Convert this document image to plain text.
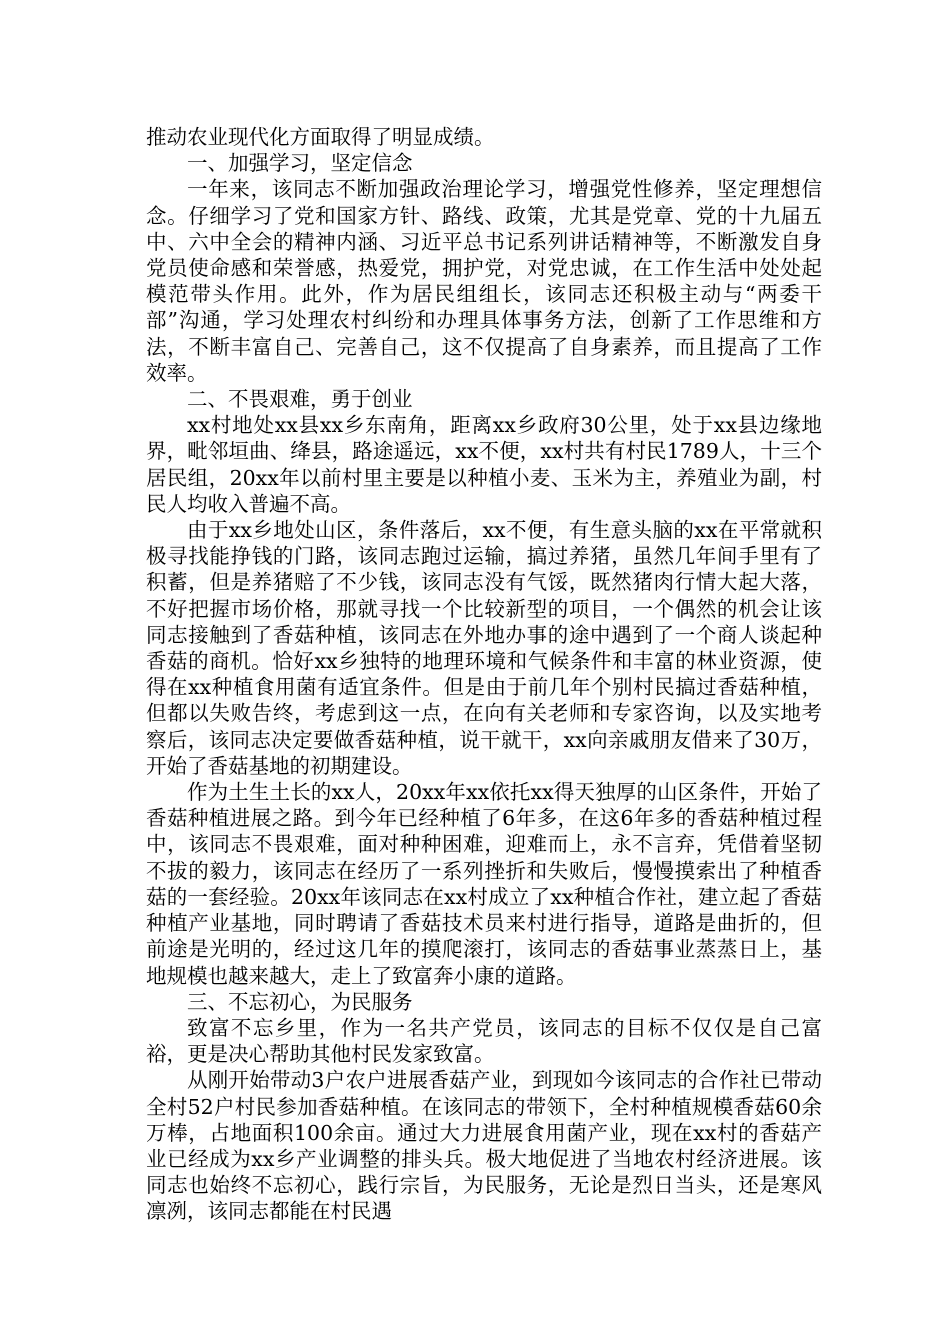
推动农业现代化方面取得了明显成绩。

一、加强学习，坚定信念

一年来，该同志不断加强政治理论学习，增强党性修养，坚定理想信念。仔细学习了党和国家方针、路线、政策，尤其是党章、党的十九届五中、六中全会的精神内涵、习近平总书记系列讲话精神等，不断激发自身党员使命感和荣誉感，热爱党，拥护党，对党忠诚，在工作生活中处处起模范带头作用。此外，作为居民组组长，该同志还积极主动与“两委干部”沟通，学习处理农村纠纷和办理具体事务方法，创新了工作思维和方法，不断丰富自己、完善自己，这不仅提高了自身素养，而且提高了工作效率。

二、不畏艰难，勇于创业

xx村地处xx县xx乡东南角，距离xx乡政府30公里，处于xx县边缘地界，毗邻垣曲、绛县，路途遥远，xx不便，xx村共有村民1789人，十三个居民组，20xx年以前村里主要是以种植小麦、玉米为主，养殖业为副，村民人均收入普遍不高。

由于xx乡地处山区，条件落后，xx不便，有生意头脑的xx在平常就积极寻找能挣钱的门路，该同志跑过运输，搞过养猪，虽然几年间手里有了积蓄，但是养猪赔了不少钱，该同志没有气馁，既然猪肉行情大起大落，不好把握市场价格，那就寻找一个比较新型的项目，一个偶然的机会让该同志接触到了香菇种植，该同志在外地办事的途中遇到了一个商人谈起种香菇的商机。恰好xx乡独特的地理环境和气候条件和丰富的林业资源，使得在xx种植食用菌有适宜条件。但是由于前几年个别村民搞过香菇种植，但都以失败告终，考虑到这一点，在向有关老师和专家咨询，以及实地考察后，该同志决定要做香菇种植，说干就干，xx向亲戚朋友借来了30万，开始了香菇基地的初期建设。

作为土生土长的xx人，20xx年xx依托xx得天独厚的山区条件，开始了香菇种植进展之路。到今年已经种植了6年多，在这6年多的香菇种植过程中，该同志不畏艰难，面对种种困难，迎难而上，永不言弃，凭借着坚韧不拔的毅力，该同志在经历了一系列挫折和失败后，慢慢摸索出了种植香菇的一套经验。20xx年该同志在xx村成立了xx种植合作社，建立起了香菇种植产业基地，同时聘请了香菇技术员来村进行指导，道路是曲折的，但前途是光明的，经过这几年的摸爬滚打，该同志的香菇事业蒸蒸日上，基地规模也越来越大，走上了致富奔小康的道路。

三、不忘初心，为民服务

致富不忘乡里，作为一名共产党员，该同志的目标不仅仅是自己富裕，更是决心帮助其他村民发家致富。

从刚开始带动3户农户进展香菇产业，到现如今该同志的合作社已带动全村52户村民参加香菇种植。在该同志的带领下，全村种植规模香菇60余万棒，占地面积100余亩。通过大力进展食用菌产业，现在xx村的香菇产业已经成为xx乡产业调整的排头兵。极大地促进了当地农村经济进展。该同志也始终不忘初心，践行宗旨，为民服务，无论是烈日当头，还是寒风凛冽，该同志都能在村民遇
